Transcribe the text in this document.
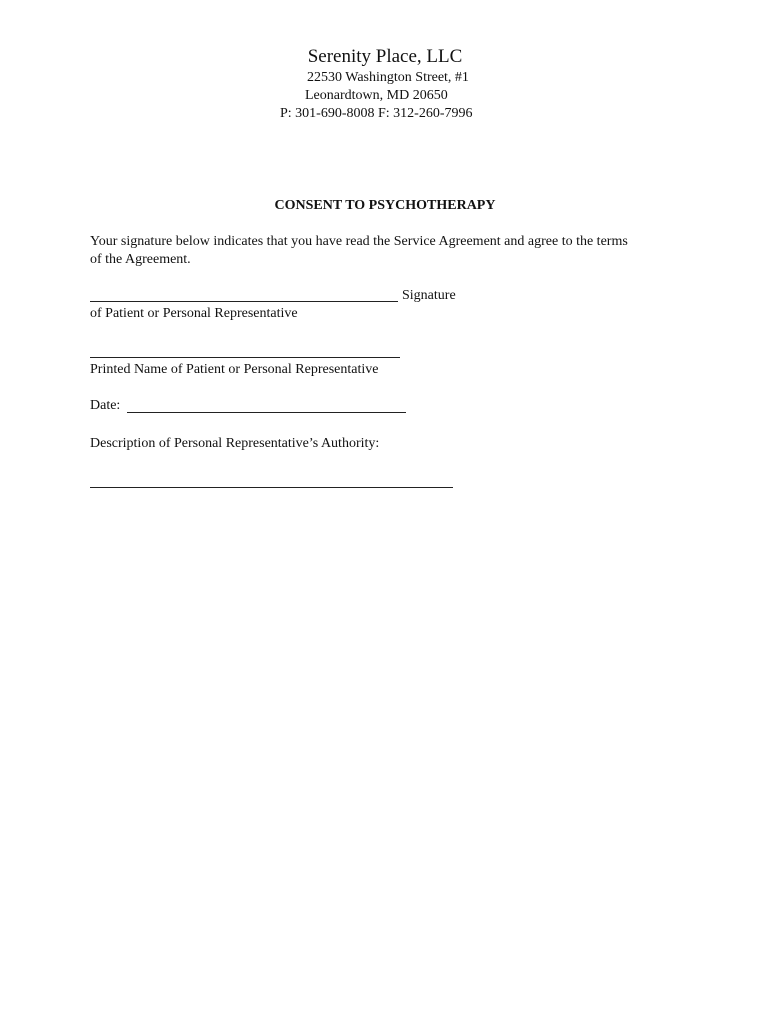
Serenity Place, LLC
22530 Washington Street, #1
Leonardtown, MD 20650
P: 301-690-8008 F: 312-260-7996
CONSENT TO PSYCHOTHERAPY
Your signature below indicates that you have read the Service Agreement and agree to the terms
of the Agreement.
Signature
of Patient or Personal Representative
Printed Name of Patient or Personal Representative
Date:
Description of Personal Representative’s Authority:
